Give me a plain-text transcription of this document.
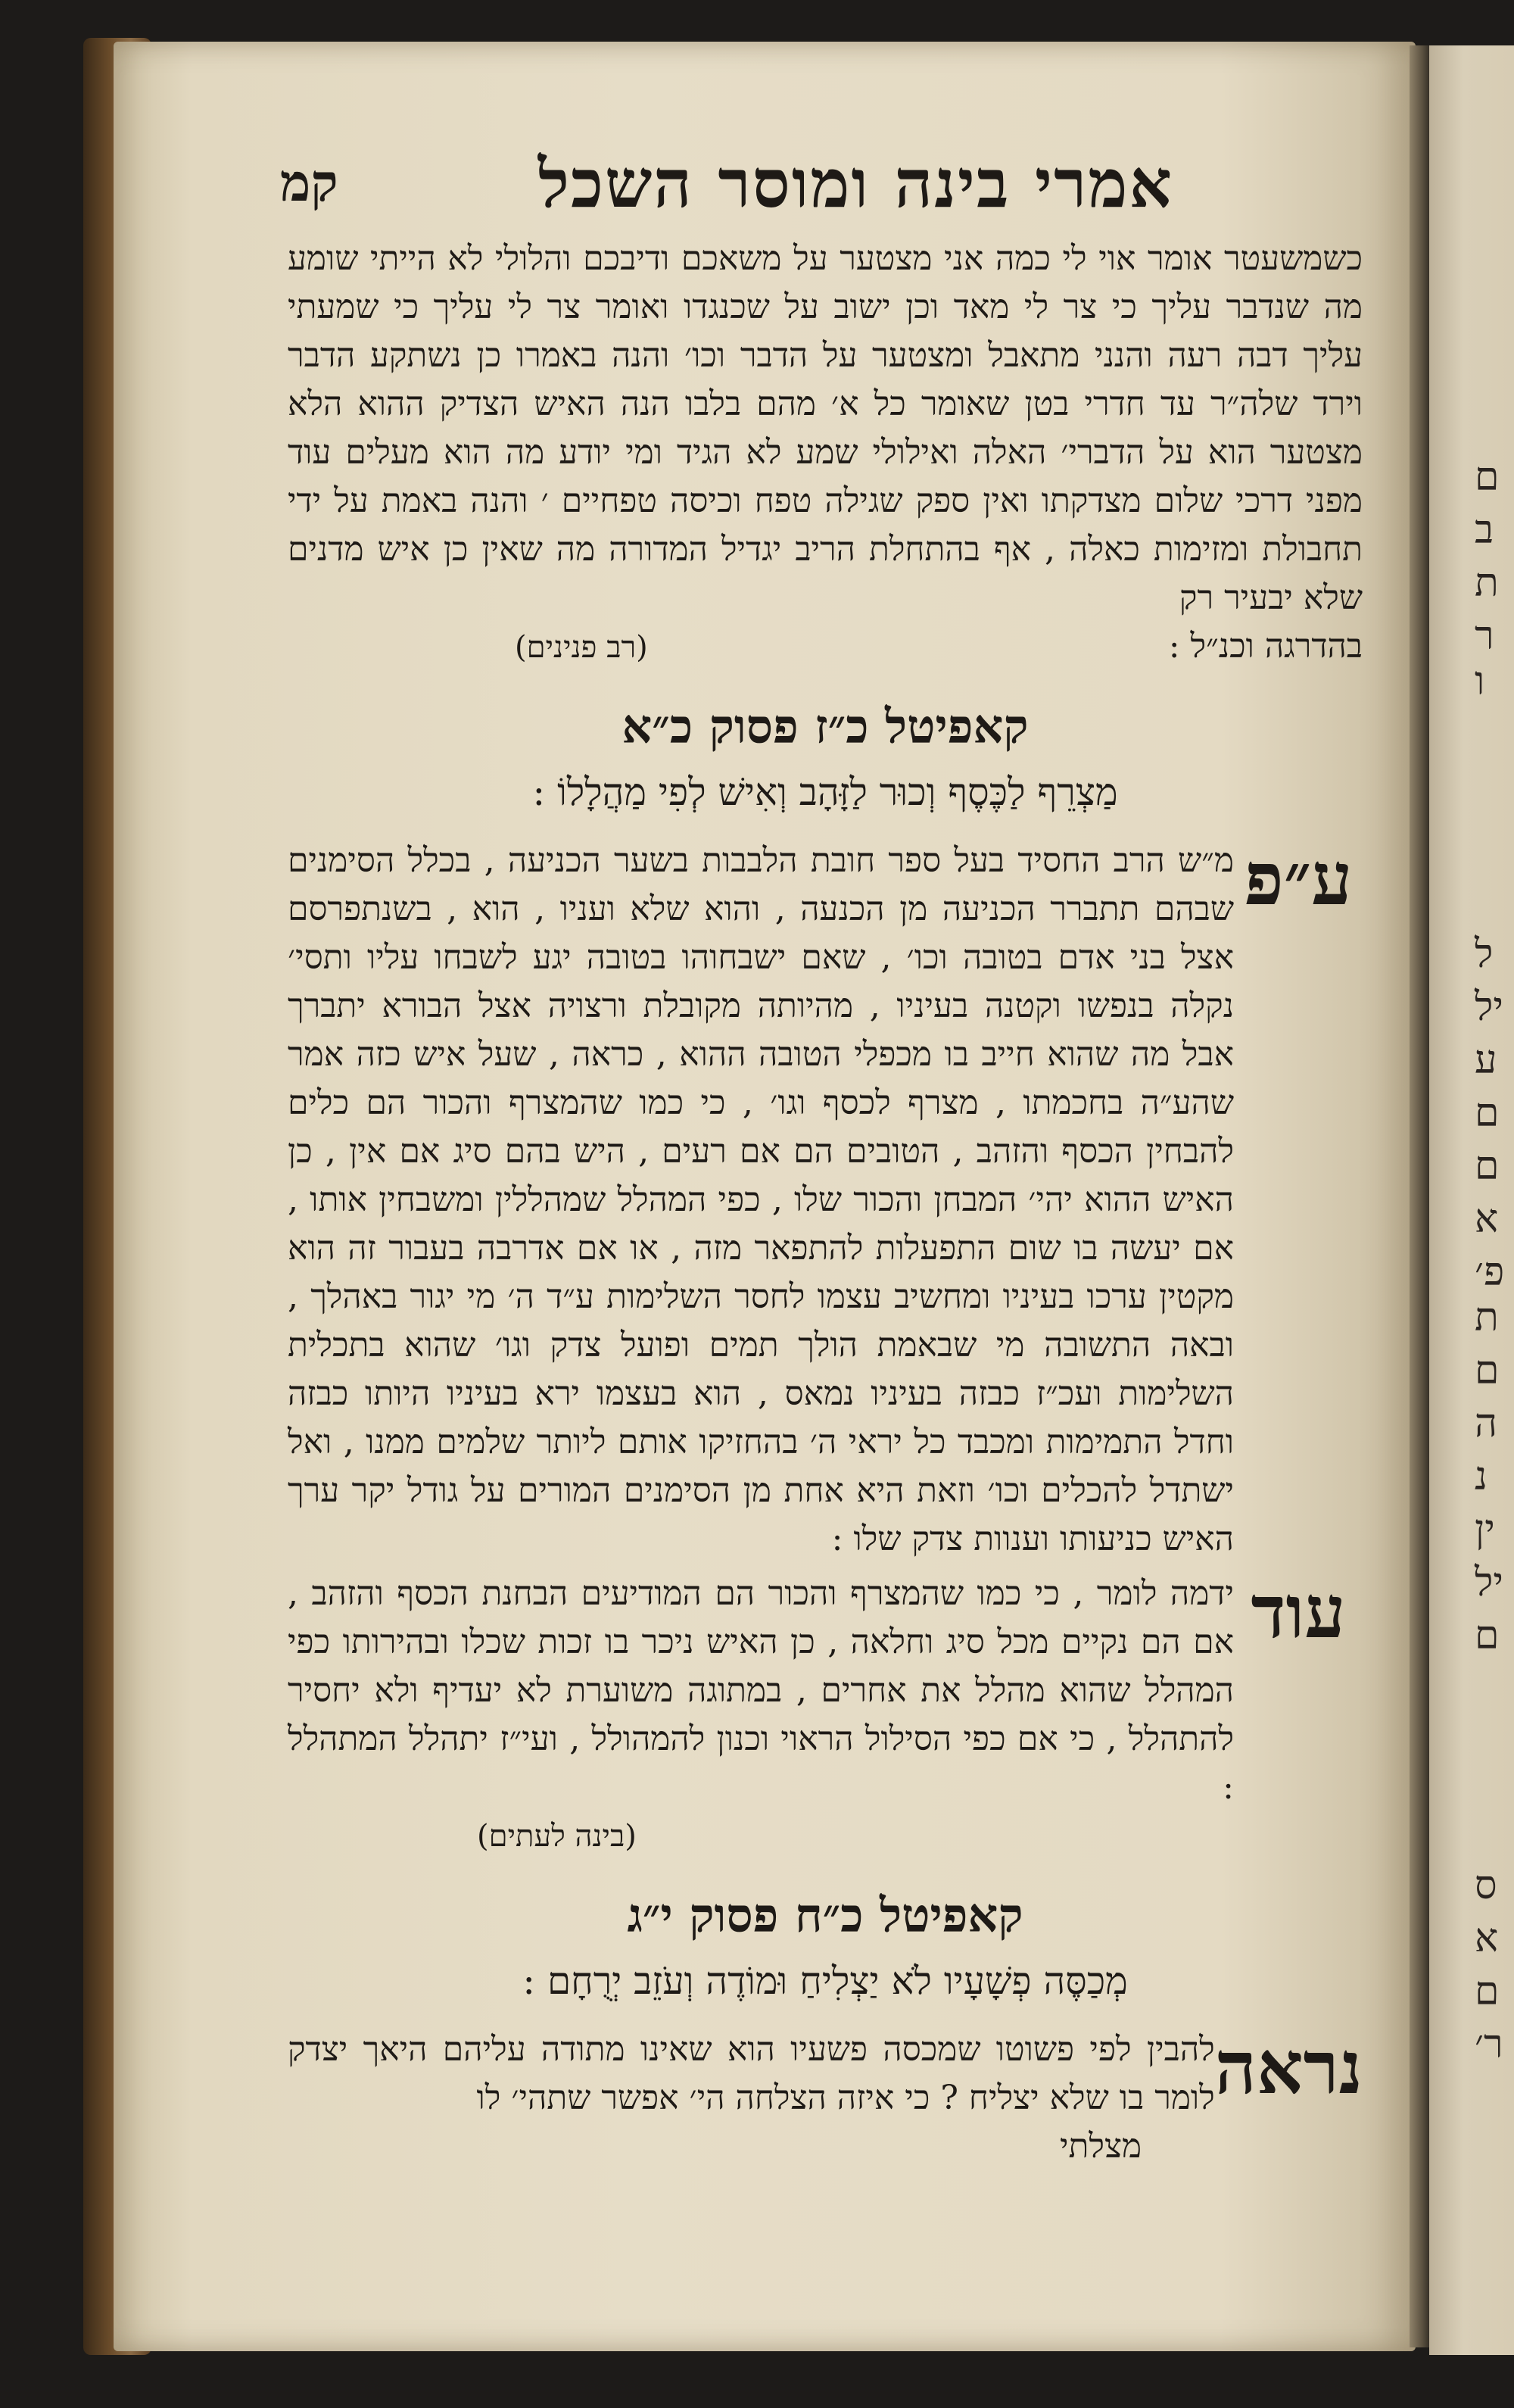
ם
ב
ת
ר
ו
ל
יל
ע
ם
ם
א
פ׳
ת
ם
ה
נ
ין
יל
ם
ס
א
ם
ר׳
אמרי בינה ומוסר השכל
קמ

כשמשעטר אומר אוי לי כמה אני מצטער על משאכם ודיבכם והלולי לא הייתי שומע מה שנדבר עליך כי צר לי מאד וכן ישוב על שכנגדו ואומר צר לי עליך כי שמעתי עליך דבה רעה והנני מתאבל ומצטער על הדבר וכו׳ והנה באמרו כן נשתקע הדבר וירד שלה״ר עד חדרי בטן שאומר כל א׳ מהם בלבו הנה האיש הצדיק ההוא הלא מצטער הוא על הדברי׳ האלה ואילולי שמע לא הגיד ומי יודע מה הוא מעלים עוד מפני דרכי שלום מצדקתו ואין ספק שגילה טפח וכיסה טפחיים ׳ והנה באמת על ידי תחבולת ומזימות כאלה , אף בהתחלת הריב יגדיל המדורה מה שאין כן איש מדנים שלא יבעיר רק

בהדרגה וכנ״ל :
(רב פנינים)
קאפיטל כ״ז פסוק כ״א
מַצְרֵף לַכֶּסֶף וְכוּר לַזָּהָב וְאִישׁ לְפִי מַהֲלָלוֹ :
ע״פ

מ״ש הרב החסיד בעל ספר חובת הלבבות בשער הכניעה , בכלל הסימנים שבהם תתברר הכניעה מן הכנעה , והוא שלא ועניו , הוא , בשנתפרסם אצל בני אדם בטובה וכו׳ , שאם ישבחוהו בטובה יגע לשבחו עליו ותסי׳ נקלה בנפשו וקטנה בעיניו , מהיותה מקובלת ורצויה אצל הבורא יתברך אבל מה שהוא חייב בו מכפלי הטובה ההוא , כראה , שעל איש כזה אמר שהע״ה בחכמתו , מצרף לכסף וגו׳ , כי כמו שהמצרף והכור הם כלים להבחין הכסף והזהב , הטובים הם אם רעים , היש בהם סיג אם אין , כן האיש ההוא יהי׳ המבחן והכור שלו , כפי המהלל שמהללין ומשבחין אותו , אם יעשה בו שום התפעלות להתפאר מזה , או אם אדרבה בעבור זה הוא מקטין ערכו בעיניו ומחשיב עצמו לחסר השלימות ע״ד ה׳ מי יגור באהלך , ובאה התשובה מי שבאמת הולך תמים ופועל צדק וגו׳ שהוא בתכלית השלימות ועכ״ז כבזה בעיניו נמאס , הוא בעצמו ירא בעיניו היותו כבזה וחדל התמימות ומכבד כל יראי ה׳ בהחזיקו אותם ליותר שלמים ממנו , ואל ישתדל להכלים וכו׳ וזאת היא אחת מן הסימנים המורים על גודל יקר ערך האיש כניעותו וענוות צדק שלו :

עוד

ידמה לומר , כי כמו שהמצרף והכור הם המודיעים הבחנת הכסף והזהב , אם הם נקיים מכל סיג וחלאה , כן האיש ניכר בו זכות שכלו ובהירותו כפי המהלל שהוא מהלל את אחרים , במתוגה משוערת לא יעדיף ולא יחסיר להתהלל , כי אם כפי הסילול הראוי וכנון להמהולל , ועי״ז יתהלל המתהלל :

(בינה לעתים)
קאפיטל כ״ח פסוק י״ג
מְכַסֶּה פְשָׁעָיו לֹא יַצְלִיחַ וּמוֹדֶה וְעֹזֵב יְרֻחָם :
נראה

להבין לפי פשוטו שמכסה פשעיו הוא שאינו מתודה עליהם היאך יצדק לומר בו שלא יצליח ? כי איזה הצלחה הי׳ אפשר שתהי׳ לו

מצלתי
